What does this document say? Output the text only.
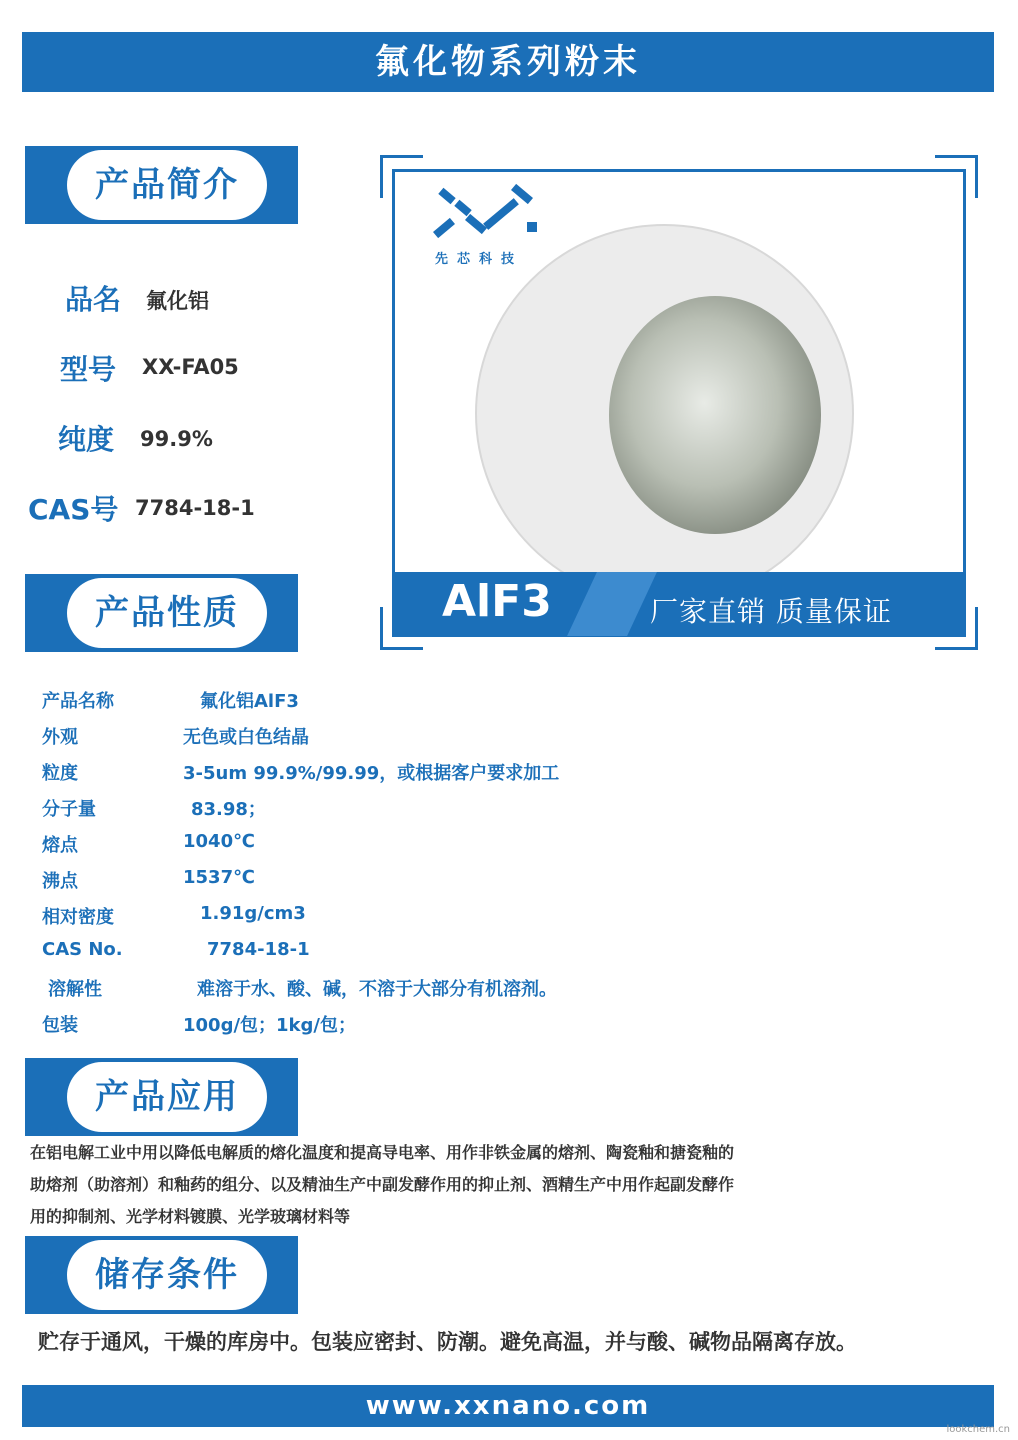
氟化物系列粉末
产品简介
品名 氟化铝
型号 XX-FA05
纯度 99.9%
CAS号 7784-18-1
先芯科技
AlF3	厂家直销 质量保证
产品性质
产品名称	氟化铝AlF3
外观	无色或白色结晶
粒度	3-5um 99.9%/99.99，或根据客户要求加工
分子量	83.98；
熔点	1040℃
沸点	1537℃
相对密度	1.91g/cm3
CAS No.	7784-18-1
溶解性	难溶于水、酸、碱，不溶于大部分有机溶剂。
包装	100g/包；1kg/包；
产品应用
在铝电解工业中用以降低电解质的熔化温度和提高导电率、用作非铁金属的熔剂、陶瓷釉和搪瓷釉的
助熔剂（助溶剂）和釉药的组分、以及精油生产中副发酵作用的抑止剂、酒精生产中用作起副发酵作
用的抑制剂、光学材料镀膜、光学玻璃材料等
储存条件
贮存于通风，干燥的库房中。包装应密封、防潮。避免高温，并与酸、碱物品隔离存放。
www.xxnano.com
lookchem.cn
